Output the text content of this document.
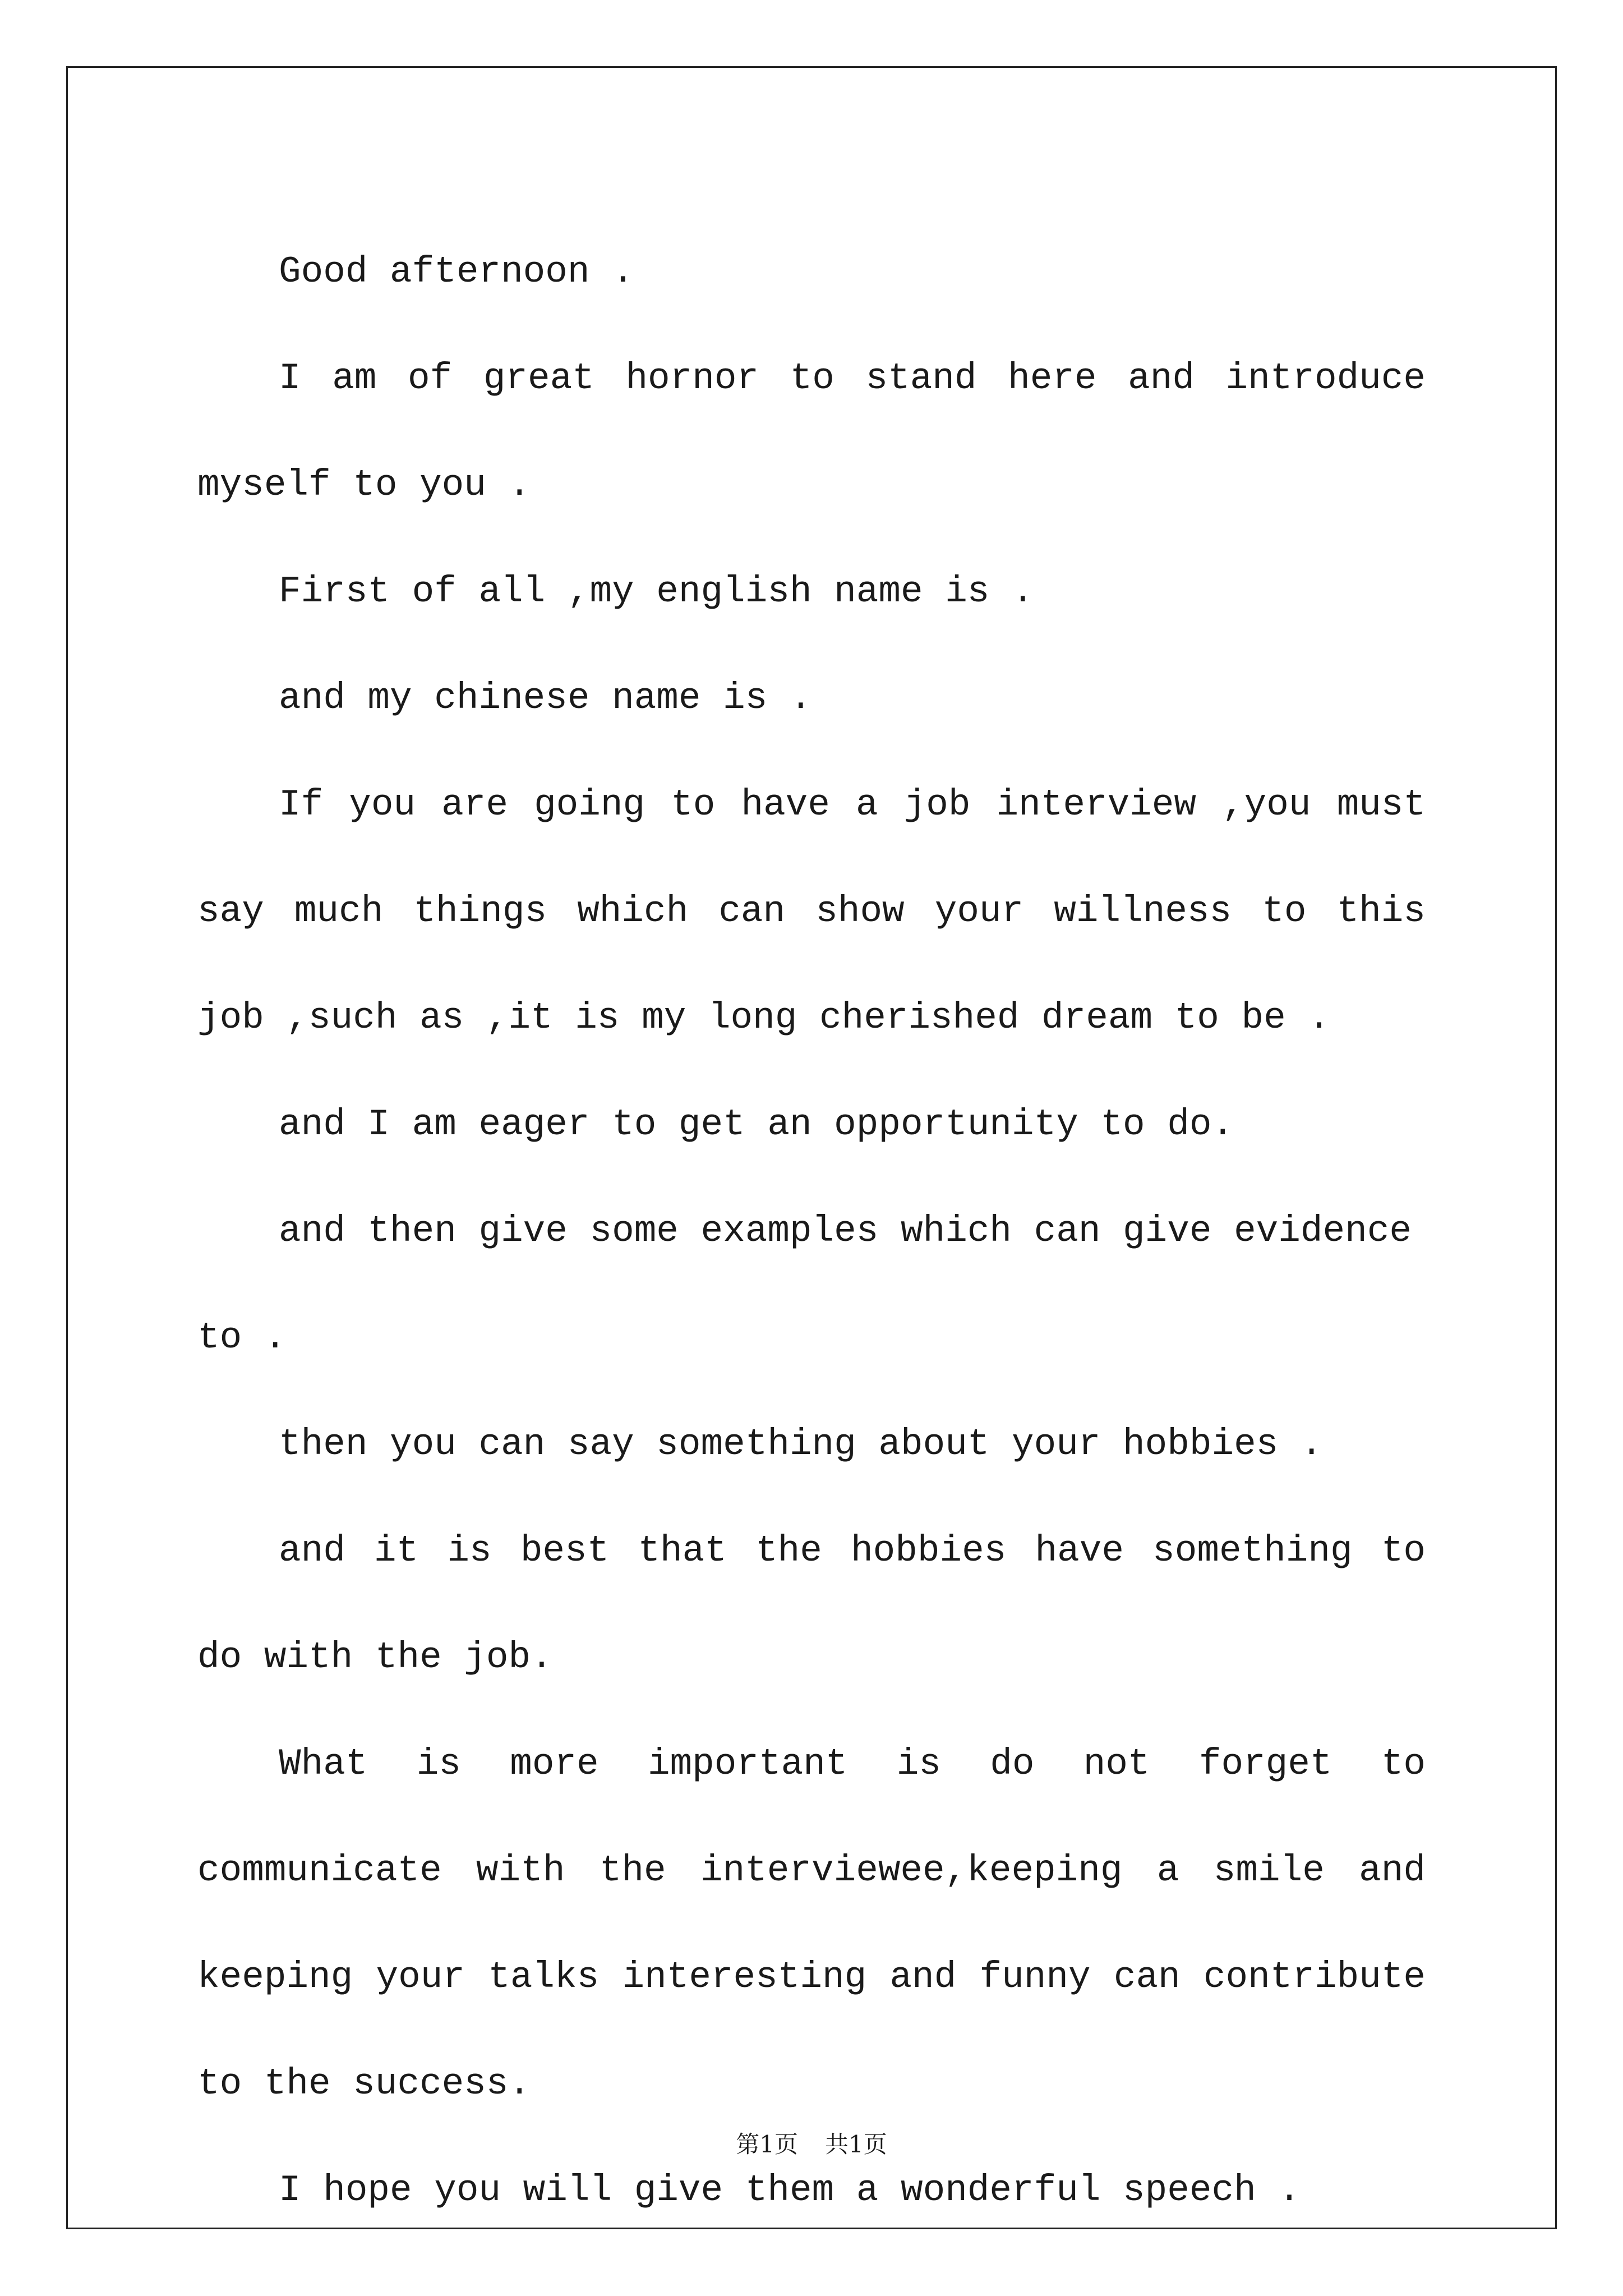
Good afternoon .

I am of great hornor to stand here and introduce myself to you .

First of all ,my english name is .

and my chinese name is .

If you are going to have a job interview ,you must say much things which can show your willness to this job ,such as ,it is my long cherished dream to be .

and I am eager to get an opportunity to do.

and then give some examples which can give evidence to .

then you can say something about your hobbies .

and it is best that the hobbies have something to do with the job.

What is more important is do not forget to communicate with the interviewee,keeping a smile and keeping your talks interesting and funny can contribute to the success.

I hope you will give them a wonderful speech .

第1页 共1页
